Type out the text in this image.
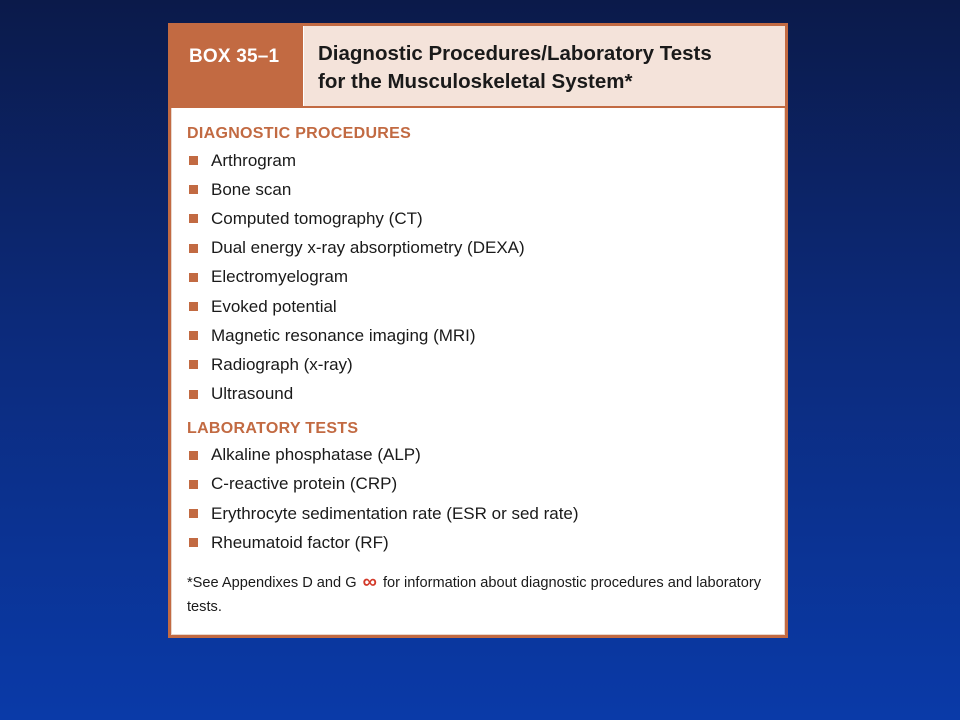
BOX 35–1	Diagnostic Procedures/Laboratory Tests
for the Musculoskeletal System*
DIAGNOSTIC PROCEDURES
Arthrogram
Bone scan
Computed tomography (CT)
Dual energy x-ray absorptiometry (DEXA)
Electromyelogram
Evoked potential
Magnetic resonance imaging (MRI)
Radiograph (x-ray)
Ultrasound
LABORATORY TESTS
Alkaline phosphatase (ALP)
C-reactive protein (CRP)
Erythrocyte sedimentation rate (ESR or sed rate)
Rheumatoid factor (RF)

*See Appendixes D and G ∞ for information about diagnostic procedures and laboratory tests.
